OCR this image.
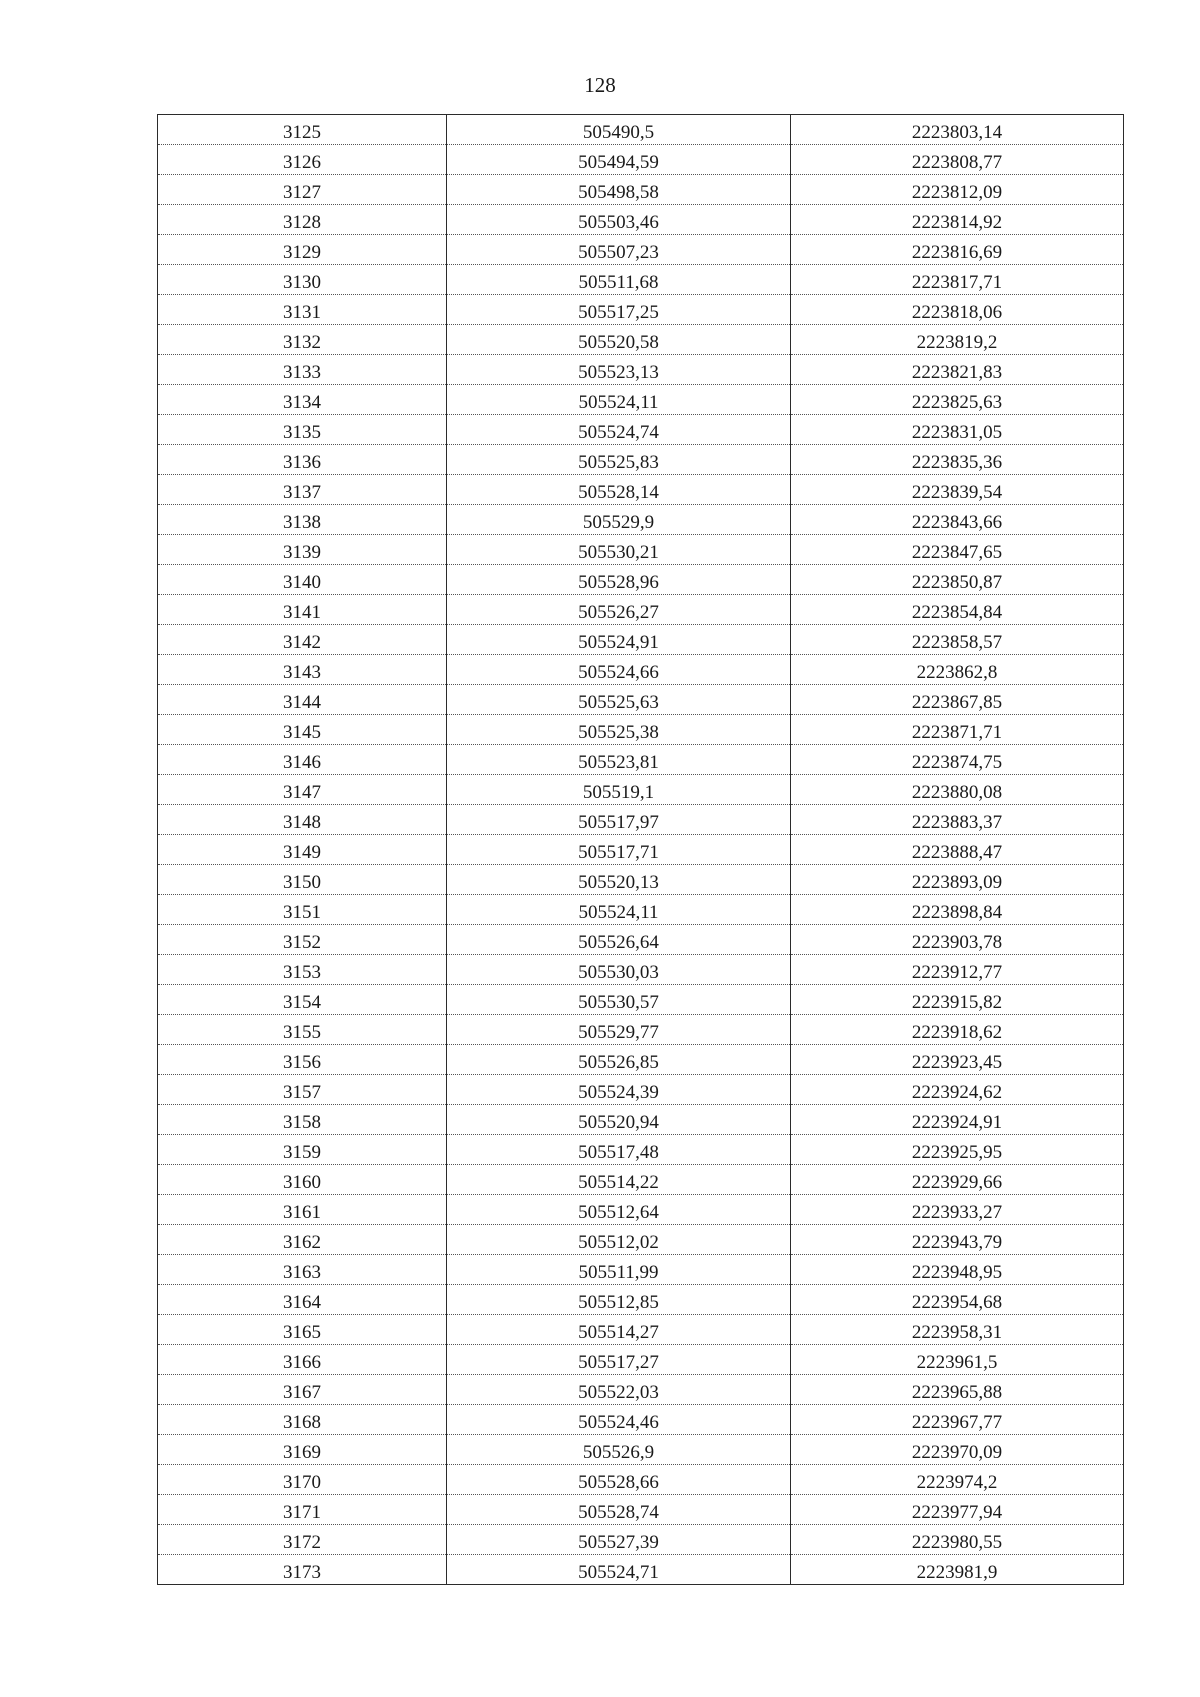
128
3125	505490,5	2223803,14
3126	505494,59	2223808,77
3127	505498,58	2223812,09
3128	505503,46	2223814,92
3129	505507,23	2223816,69
3130	505511,68	2223817,71
3131	505517,25	2223818,06
3132	505520,58	2223819,2
3133	505523,13	2223821,83
3134	505524,11	2223825,63
3135	505524,74	2223831,05
3136	505525,83	2223835,36
3137	505528,14	2223839,54
3138	505529,9	2223843,66
3139	505530,21	2223847,65
3140	505528,96	2223850,87
3141	505526,27	2223854,84
3142	505524,91	2223858,57
3143	505524,66	2223862,8
3144	505525,63	2223867,85
3145	505525,38	2223871,71
3146	505523,81	2223874,75
3147	505519,1	2223880,08
3148	505517,97	2223883,37
3149	505517,71	2223888,47
3150	505520,13	2223893,09
3151	505524,11	2223898,84
3152	505526,64	2223903,78
3153	505530,03	2223912,77
3154	505530,57	2223915,82
3155	505529,77	2223918,62
3156	505526,85	2223923,45
3157	505524,39	2223924,62
3158	505520,94	2223924,91
3159	505517,48	2223925,95
3160	505514,22	2223929,66
3161	505512,64	2223933,27
3162	505512,02	2223943,79
3163	505511,99	2223948,95
3164	505512,85	2223954,68
3165	505514,27	2223958,31
3166	505517,27	2223961,5
3167	505522,03	2223965,88
3168	505524,46	2223967,77
3169	505526,9	2223970,09
3170	505528,66	2223974,2
3171	505528,74	2223977,94
3172	505527,39	2223980,55
3173	505524,71	2223981,9
